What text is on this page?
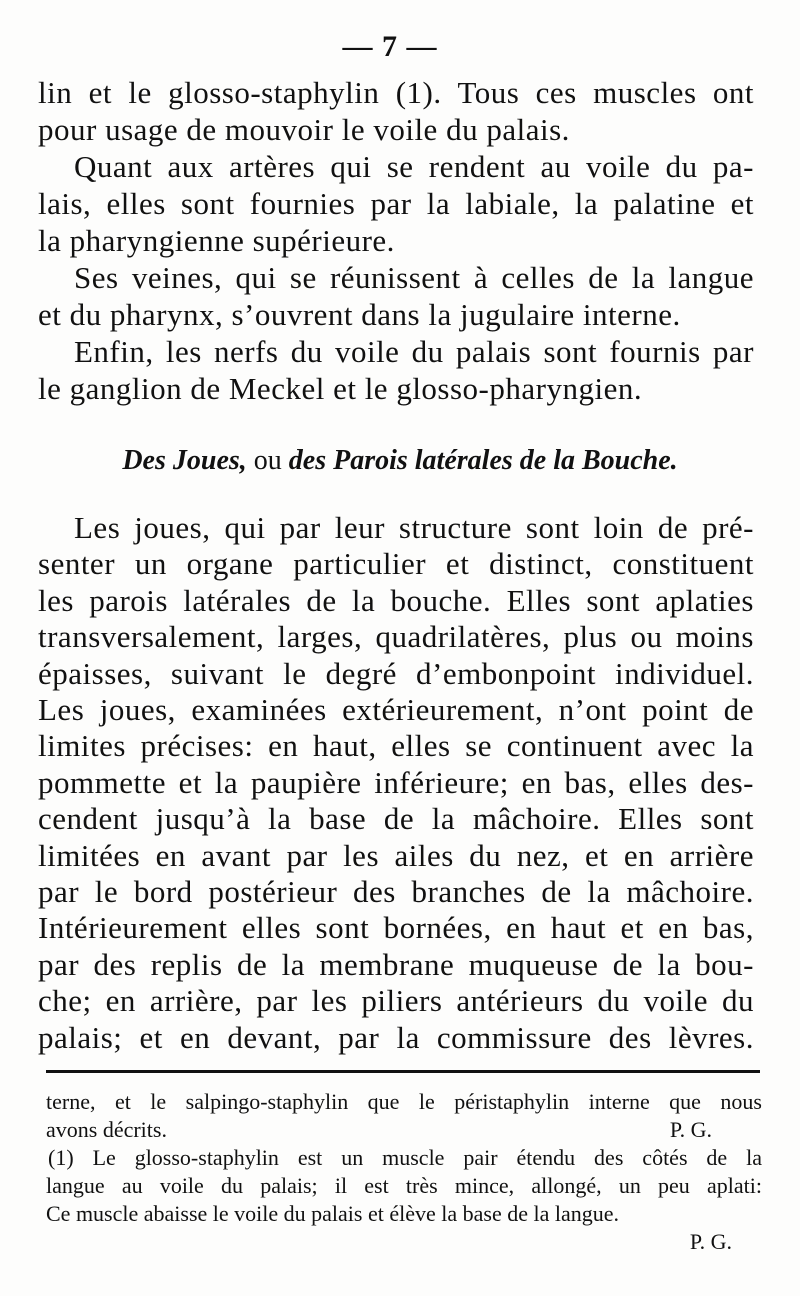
— 7 —
lin et le glosso-staphylin (1). Tous ces muscles ont
pour usage de mouvoir le voile du palais.
Quant aux artères qui se rendent au voile du pa-
lais, elles sont fournies par la labiale, la palatine et
la pharyngienne supérieure.
Ses veines, qui se réunissent à celles de la langue
et du pharynx, s’ouvrent dans la jugulaire interne.
Enfin, les nerfs du voile du palais sont fournis par
le ganglion de Meckel et le glosso-pharyngien.
Des Joues, ou des Parois latérales de la Bouche.
Les joues, qui par leur structure sont loin de pré-
senter un organe particulier et distinct, constituent
les parois latérales de la bouche. Elles sont aplaties
transversalement, larges, quadrilatères, plus ou moins
épaisses, suivant le degré d’embonpoint individuel.
Les joues, examinées extérieurement, n’ont point de
limites précises: en haut, elles se continuent avec la
pommette et la paupière inférieure; en bas, elles des-
cendent jusqu’à la base de la mâchoire. Elles sont
limitées en avant par les ailes du nez, et en arrière
par le bord postérieur des branches de la mâchoire.
Intérieurement elles sont bornées, en haut et en bas,
par des replis de la membrane muqueuse de la bou-
che; en arrière, par les piliers antérieurs du voile du
palais; et en devant, par la commissure des lèvres.
terne, et le salpingo-staphylin que le péristaphylin interne que nous
avons décrits.	P. G.
(1) Le glosso-staphylin est un muscle pair étendu des côtés de la
langue au voile du palais; il est très mince, allongé, un peu aplati:
Ce muscle abaisse le voile du palais et élève la base de la langue.
P. G.
